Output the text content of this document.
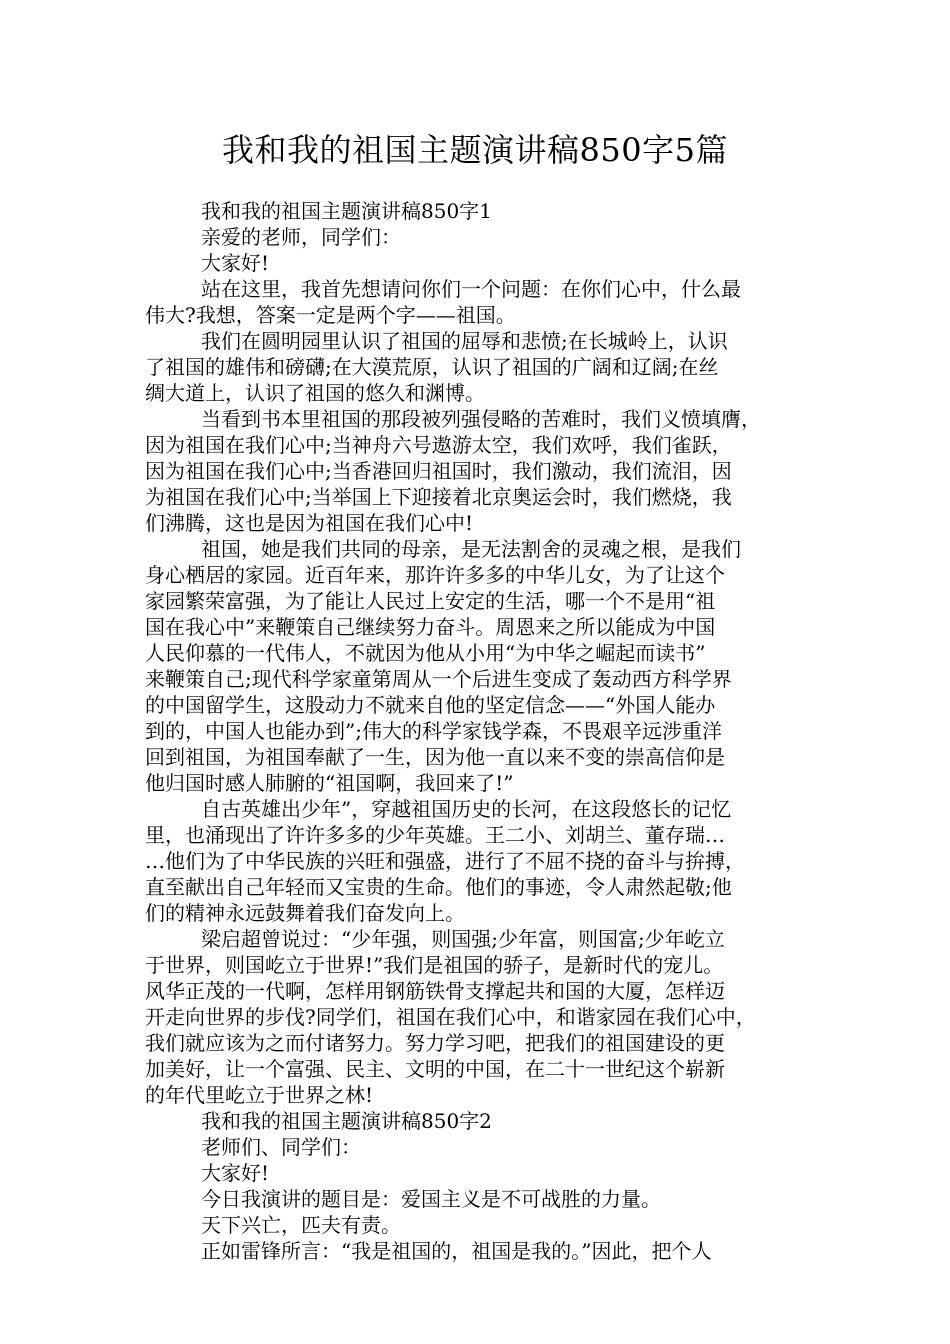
我和我的祖国主题演讲稿850字5篇

我和我的祖国主题演讲稿850字1

亲爱的老师，同学们：

大家好!

站在这里，我首先想请问你们一个问题：在你们心中，什么最
伟大?我想，答案一定是两个字——祖国。

我们在圆明园里认识了祖国的屈辱和悲愤;在长城岭上，认识
了祖国的雄伟和磅礴;在大漠荒原，认识了祖国的广阔和辽阔;在丝
绸大道上，认识了祖国的悠久和渊博。

当看到书本里祖国的那段被列强侵略的苦难时，我们义愤填膺，
因为祖国在我们心中;当神舟六号遨游太空，我们欢呼，我们雀跃，
因为祖国在我们心中;当香港回归祖国时，我们激动，我们流泪，因
为祖国在我们心中;当举国上下迎接着北京奥运会时，我们燃烧，我
们沸腾，这也是因为祖国在我们心中!

祖国，她是我们共同的母亲，是无法割舍的灵魂之根，是我们
身心栖居的家园。近百年来，那许许多多的中华儿女，为了让这个
家园繁荣富强，为了能让人民过上安定的生活，哪一个不是用“祖
国在我心中”来鞭策自己继续努力奋斗。周恩来之所以能成为中国
人民仰慕的一代伟人，不就因为他从小用“为中华之崛起而读书”
来鞭策自己;现代科学家童第周从一个后进生变成了轰动西方科学界
的中国留学生，这股动力不就来自他的坚定信念——“外国人能办
到的，中国人也能办到”;伟大的科学家钱学森，不畏艰辛远涉重洋
回到祖国，为祖国奉献了一生，因为他一直以来不变的崇高信仰是
他归国时感人肺腑的“祖国啊，我回来了!”

自古英雄出少年”，穿越祖国历史的长河，在这段悠长的记忆
里，也涌现出了许许多多的少年英雄。王二小、刘胡兰、董存瑞…
…他们为了中华民族的兴旺和强盛，进行了不屈不挠的奋斗与拚搏，
直至献出自己年轻而又宝贵的生命。他们的事迹，令人肃然起敬;他
们的精神永远鼓舞着我们奋发向上。

梁启超曾说过：“少年强，则国强;少年富，则国富;少年屹立
于世界，则国屹立于世界!”我们是祖国的骄子，是新时代的宠儿。
风华正茂的一代啊，怎样用钢筋铁骨支撑起共和国的大厦，怎样迈
开走向世界的步伐?同学们，祖国在我们心中，和谐家园在我们心中，
我们就应该为之而付诸努力。努力学习吧，把我们的祖国建设的更
加美好，让一个富强、民主、文明的中国，在二十一世纪这个崭新
的年代里屹立于世界之林!

我和我的祖国主题演讲稿850字2

老师们、同学们：

大家好!

今日我演讲的题目是：爱国主义是不可战胜的力量。

天下兴亡，匹夫有责。

正如雷锋所言：“我是祖国的，祖国是我的。”因此，把个人
